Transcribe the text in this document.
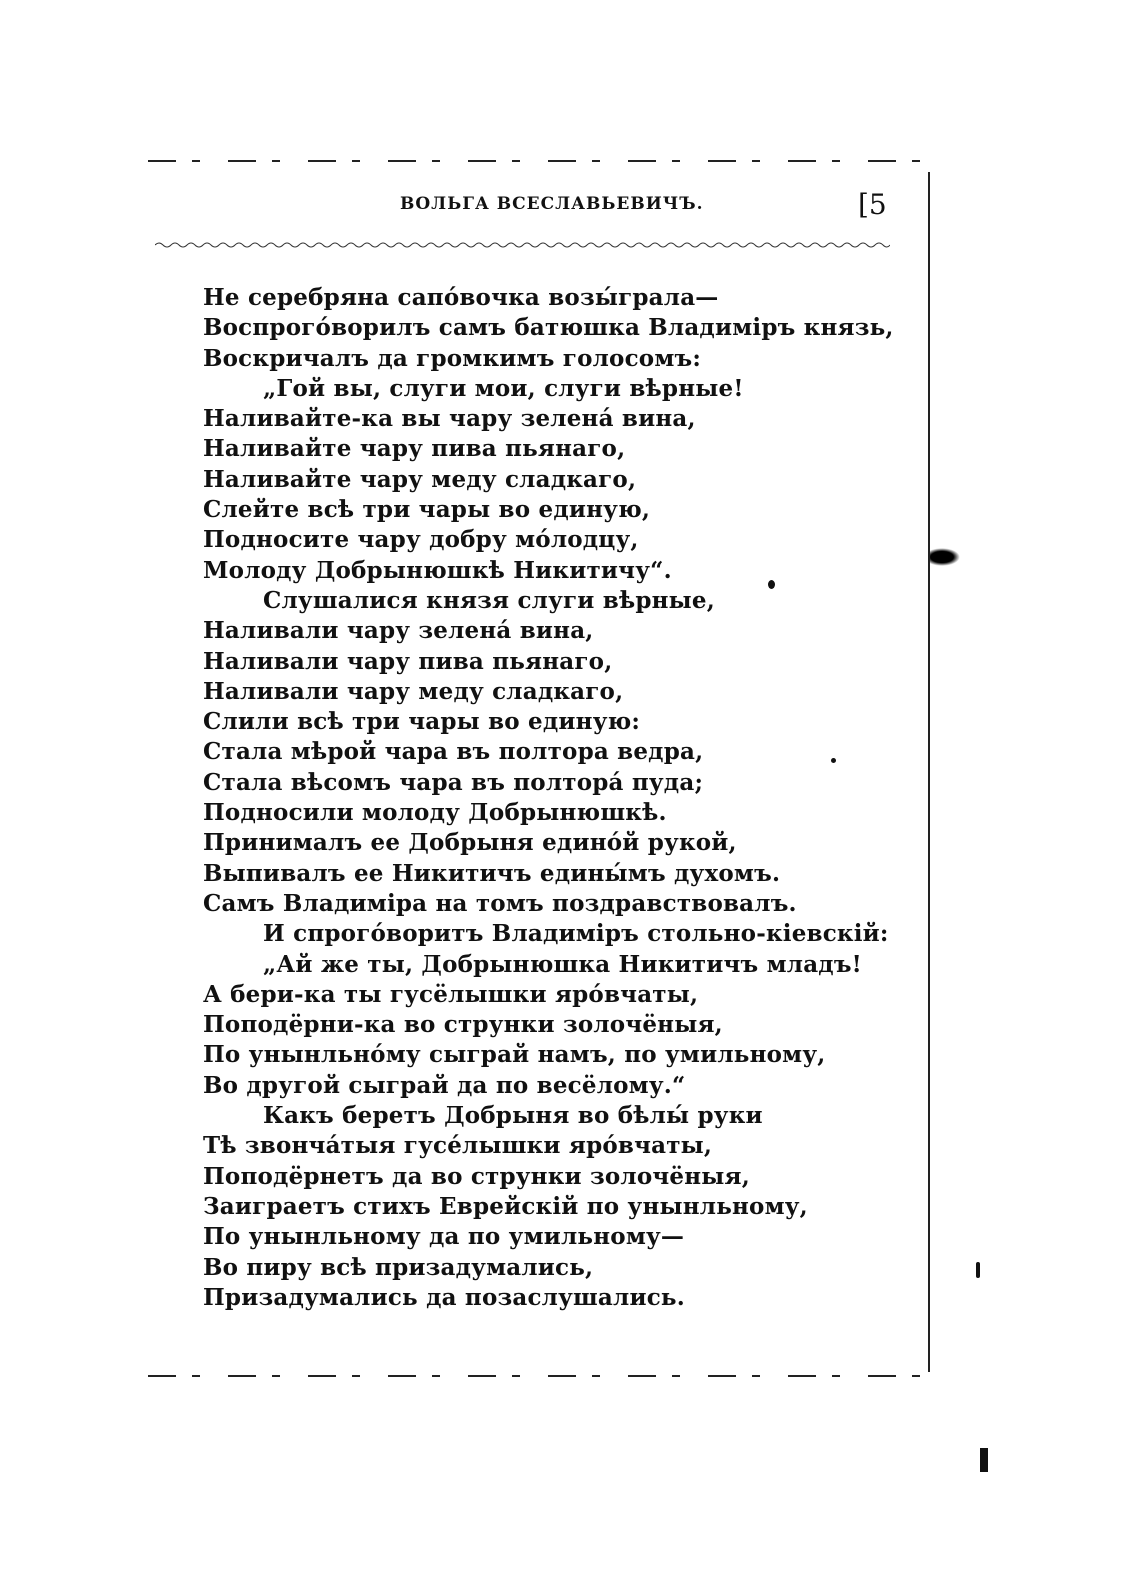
ВОЛЬГА ВСЕСЛАВЬЕВИЧЪ.	[5
Не серебряна сапо́вочка возы́грала—
Воспрого́ворилъ самъ батюшка Владимiръ князь,
Воскричалъ да громкимъ голосомъ:
„Гой вы, слуги мои, слуги вѣрные!
Наливайте-ка вы чару зелена́ вина,
Наливайте чару пива пьянаго,
Наливайте чару меду сладкаго,
Слейте всѣ три чары во единую,
Подносите чару добру мо́лодцу,
Молоду Добрынюшкѣ Никитичу“.
Слушалися князя слуги вѣрные,
Наливали чару зелена́ вина,
Наливали чару пива пьянаго,
Наливали чару меду сладкаго,
Слили всѣ три чары во единую:
Стала мѣрой чара въ полтора ведра,
Стала вѣсомъ чара въ полтора́ пуда;
Подносили молоду Добрынюшкѣ.
Принималъ ее Добрыня едино́й рукой,
Выпивалъ ее Никитичъ едины́мъ духомъ.
Самъ Владимiра на томъ поздравствовалъ.
И спрого́воритъ Владимiръ стольно-кiевскiй:
„Ай же ты, Добрынюшка Никитичъ младъ!
А бери-ка ты гусёлышки яро́вчаты,
Поподёрни-ка во струнки золочёныя,
По унынльно́му сыграй намъ, по умильному,
Во другой сыграй да по весёлому.“
Какъ беретъ Добрыня во бѣлы́ руки
Тѣ звонча́тыя гусе́лышки яро́вчаты,
Поподёрнетъ да во струнки золочёныя,
Заиграетъ стихъ Еврейскiй по унынльному,
По унынльному да по умильному—
Во пиру всѣ призадумались,
Призадумались да позаслушались.
